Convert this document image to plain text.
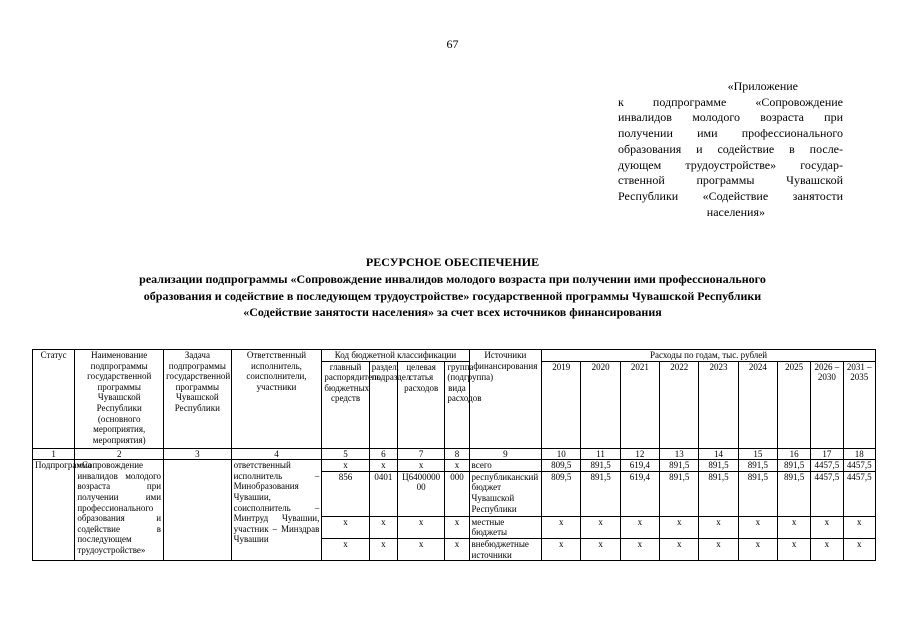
67
«Приложение
к подпрограмме «Сопровождение
инвалидов молодого возраста при
получении ими профессионального
образования и содействие в после-
дующем трудоустройстве» государ-
ственной программы Чувашской
Республики «Содействие занятости
населения»
РЕСУРСНОЕ ОБЕСПЕЧЕНИЕ
реализации подпрограммы «Сопровождение инвалидов молодого возраста при получении ими профессионального
образования и содействие в последующем трудоустройстве» государственной программы Чувашской Республики
«Содействие занятости населения» за счет всех источников финансирования
Статус	Наименование подпрограммы государственной программы Чувашской Республики (основного мероприятия, мероприятия)	Задача подпрограммы государственной программы Чувашской Республики	Ответственный исполнитель, соисполнители, участники	Код бюджетной классификации				Источники финансирования	Расходы по годам, тыс. рублей								
				главный распорядитель бюджетных средств	раздел, подраздел	целевая статья расходов	группа (подгруппа) вида расходов		2019	2020	2021	2022	2023	2024	2025	2026 – 2030	2031 – 2035
1	2	3	4	5	6	7	8	9	10	11	12	13	14	15	16	17	18
Подпрограмма	«Сопровождение инвалидов молодого возраста при получении ими профессионального образования и содействие в последующем трудоустройстве»		ответственный исполнитель – Минобразования Чувашии, соисполнитель – Минтруд Чувашии, участник – Минздрав Чувашии	x	x	x	x	всего	809,5	891,5	619,4	891,5	891,5	891,5	891,5	4457,5	4457,5
				856	0401	Ц640000000	000	республиканский бюджет Чувашской Республики	809,5	891,5	619,4	891,5	891,5	891,5	891,5	4457,5	4457,5
				x	x	x	x	местные бюджеты	x	x	x	x	x	x	x	x	x
				x	x	x	x	внебюджетные источники	x	x	x	x	x	x	x	x	x
